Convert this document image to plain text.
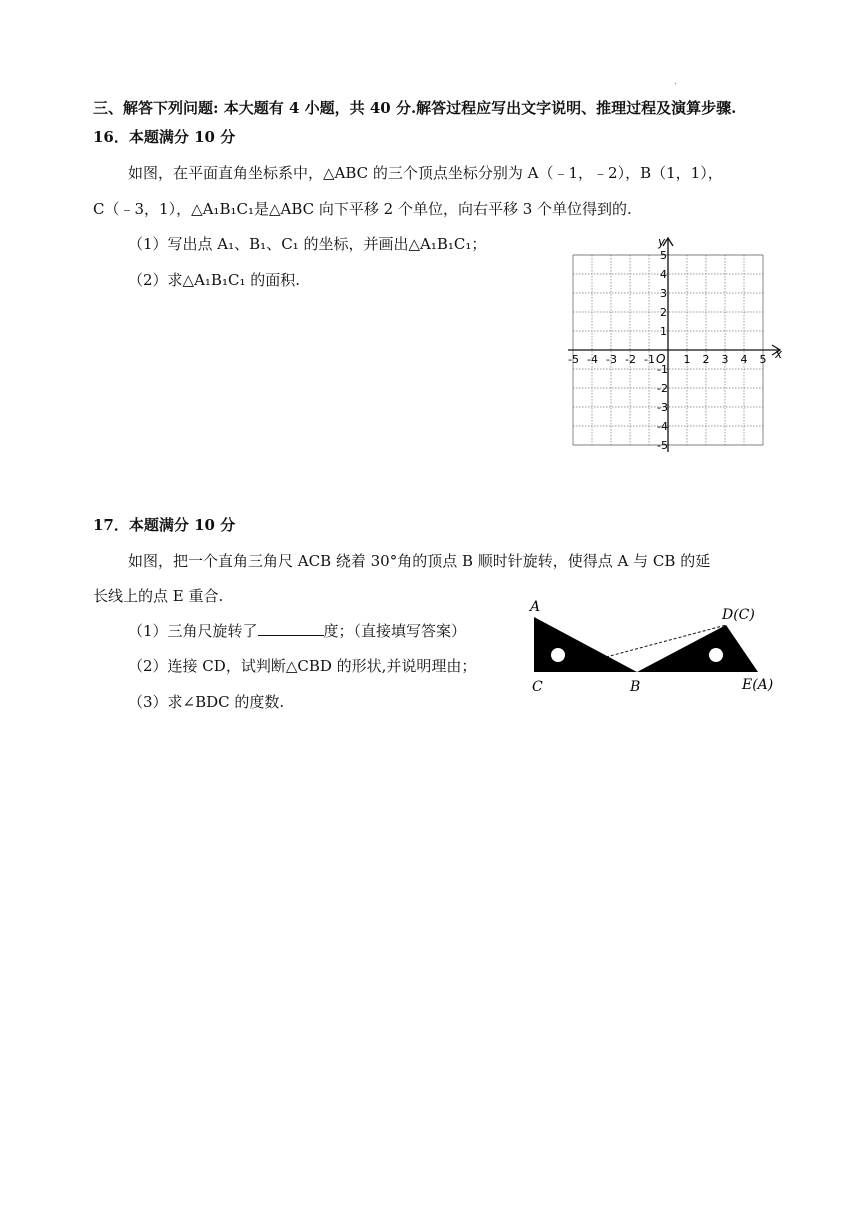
.
三、解答下列问题: 本大题有 4 小题，共 40 分.解答过程应写出文字说明、推理过程及演算步骤.
16．本题满分 10 分
如图，在平面直角坐标系中，△ABC 的三个顶点坐标分别为 A（﹣1，﹣2），B（1，1），
C（﹣3，1），△A₁B₁C₁是△ABC 向下平移 2 个单位，向右平移 3 个单位得到的.
（1）写出点 A₁、B₁、C₁ 的坐标，并画出△A₁B₁C₁；
（2）求△A₁B₁C₁ 的面积.
-5 -4 -3 -2 -1	1 2 3 4 5
5
4
3
2
1
-1
-2
-3
-4
-5
x
y
O
17．本题满分 10 分
如图，把一个直角三角尺 ACB 绕着 30°角的顶点 B 顺时针旋转，使得点 A 与 CB 的延
长线上的点 E 重合.
（1）三角尺旋转了	度；（直接填写答案）
（2）连接 CD，试判断△CBD 的形状,并说明理由；
（3）求∠BDC 的度数.
A
C	B
D(C)
E(A)
